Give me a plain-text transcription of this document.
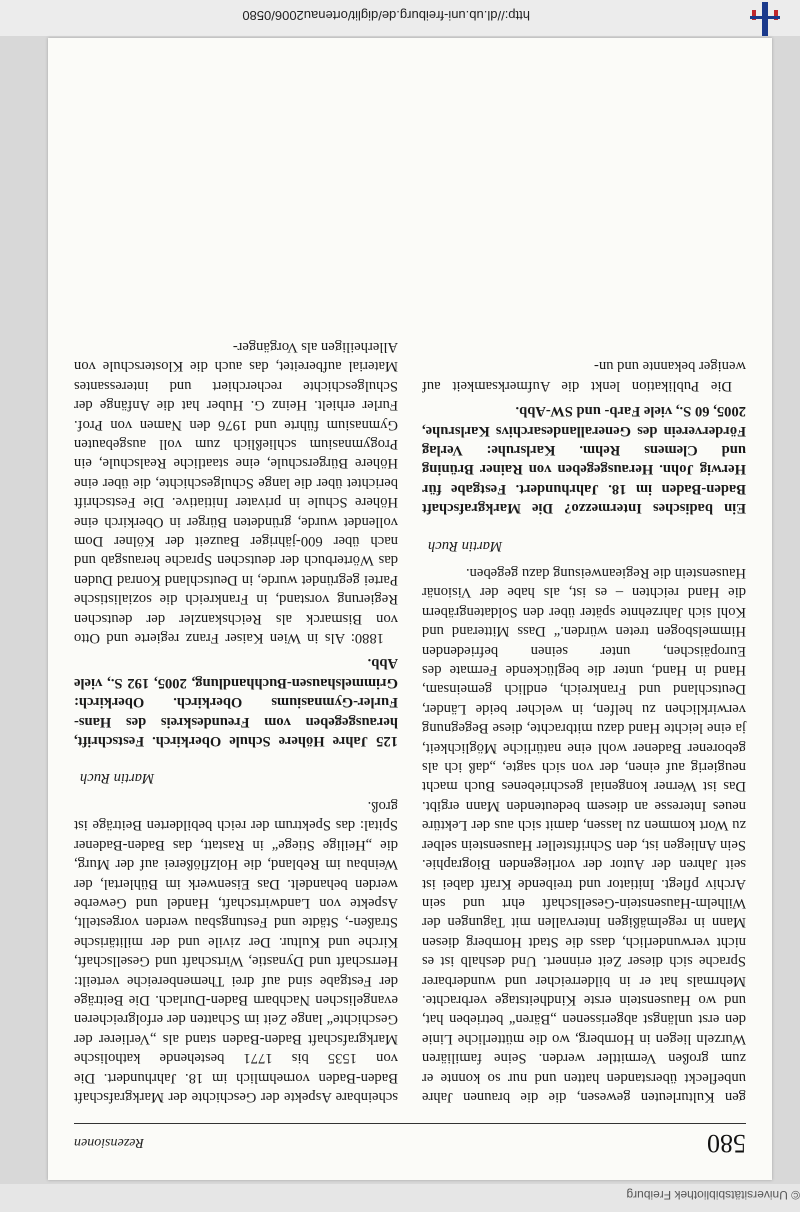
http://dl.ub.uni-freiburg.de/diglit/ortenau2006/0580
580
Rezensionen

gen Kulturleuten gewesen, die die braunen Jahre unbefleckt überstanden hatten und nur so konnte er zum großen Vermittler werden. Seine familiären Wurzeln liegen in Hornberg, wo die mütterliche Linie den erst unlängst abgerissenen „Bären“ betrieben hat, und wo Hausenstein erste Kindheitstage verbrachte. Mehrmals hat er in bilderreicher und wunderbarer Sprache sich dieser Zeit erinnert. Und deshalb ist es nicht verwunderlich, dass die Stadt Hornberg diesen Mann in regelmäßigen Intervallen mit Tagungen der Wilhelm-Hausenstein-Gesellschaft ehrt und sein Archiv pflegt. Initiator und treibende Kraft dabei ist seit Jahren der Autor der vorliegenden Biographie. Sein Anliegen ist, den Schriftsteller Hausenstein selber zu Wort kommen zu lassen, damit sich aus der Lektüre neues Interesse an diesem bedeutenden Mann ergibt. Das ist Werner kongenial geschriebenes Buch macht neugierig auf einen, der von sich sagte, „daß ich als geborener Badener wohl eine natürliche Möglichkeit, ja eine leichte Hand dazu mitbrachte, diese Begegnung verwirklichen zu helfen, in welcher beide Länder, Deutschland und Frankreich, endlich gemeinsam, Hand in Hand, unter die beglückende Fermate des Europäischen, unter seinen befriedenden Himmelsbogen treten würden.“ Dass Mitterand und Kohl sich Jahrzehnte später über den Soldatengräbern die Hand reichten – es ist, als habe der Visionär Hausenstein die Regieanweisung dazu gegeben.

Martin Ruch
Ein badisches Intermezzo? Die Markgrafschaft Baden-Baden im 18. Jahrhundert. Festgabe für Herwig John. Herausgegeben von Rainer Brüning und Clemens Rehm. Karlsruhe: Verlag Förderverein des Generallandesarchivs Karlsruhe, 2005, 60 S., viele Farb- und SW-Abb.

Die Publikation lenkt die Aufmerksamkeit auf weniger bekannte und un-

scheinbare Aspekte der Geschichte der Markgrafschaft Baden-Baden vornehmlich im 18. Jahrhundert. Die von 1535 bis 1771 bestehende katholische Markgrafschaft Baden-Baden stand als „Verlierer der Geschichte“ lange Zeit im Schatten der erfolgreicheren evangelischen Nachbarn Baden-Durlach. Die Beiträge der Festgabe sind auf drei Themenbereiche verteilt: Herrschaft und Dynastie, Wirtschaft und Gesellschaft, Kirche und Kultur. Der zivile und der militärische Straßen-, Städte und Festungsbau werden vorgestellt, Aspekte von Landwirtschaft, Handel und Gewerbe werden behandelt. Das Eisenwerk im Bühlertal, der Weinbau im Rebland, die Holzflößerei auf der Murg, die „Heilige Stiege“ in Rastatt, das Baden-Badener Spital: das Spektrum der reich bebilderten Beiträge ist groß.

Martin Ruch
125 Jahre Höhere Schule Oberkirch. Festschrift, herausgegeben vom Freundeskreis des Hans-Furler-Gymnasiums Oberkirch. Oberkirch: Grimmelshausen-Buchhandlung, 2005, 192 S., viele Abb.

1880: Als in Wien Kaiser Franz regierte und Otto von Bismarck als Reichskanzler der deutschen Regierung vorstand, in Frankreich die sozialistische Partei gegründet wurde, in Deutschland Konrad Duden das Wörterbuch der deutschen Sprache herausgab und nach über 600-jähriger Bauzeit der Kölner Dom vollendet wurde, gründeten Bürger in Oberkirch eine Höhere Schule in privater Initiative. Die Festschrift berichtet über die lange Schulgeschichte, die über eine Höhere Bürgerschule, eine staatliche Realschule, ein Progymnasium schließlich zum voll ausgebauten Gymnasium führte und 1976 den Namen von Prof. Furler erhielt. Heinz G. Huber hat die Anfänge der Schulgeschichte recherchiert und interessantes Material aufbereitet, das auch die Klosterschule von Allerheiligen als Vorgänger-

© Universitätsbibliothek Freiburg
